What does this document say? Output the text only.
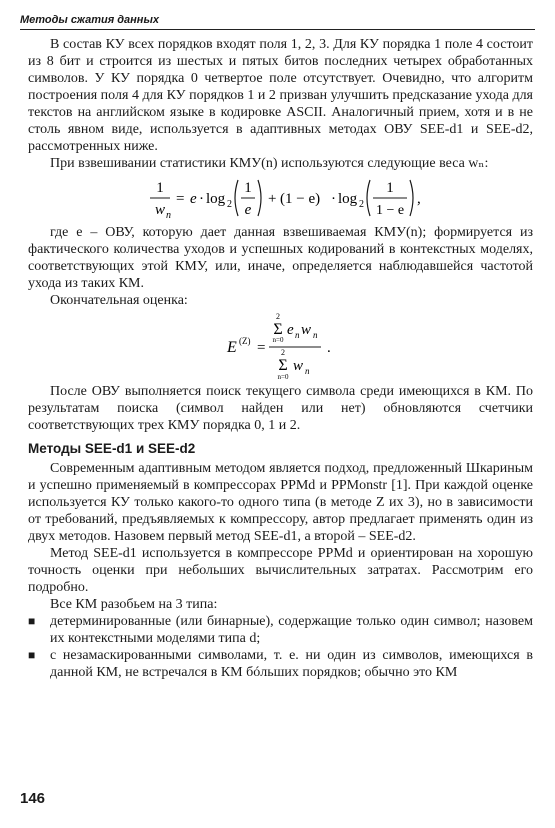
Методы сжатия данных

В состав КУ всех порядков входят поля 1, 2, 3. Для КУ порядка 1 поле 4 состоит из 8 бит и строится из шестых и пятых битов последних четырех обработанных символов. У КУ порядка 0 четвертое поле отсутствует. Очевидно, что алгоритм построения поля 4 для КУ порядков 1 и 2 призван улучшить предсказание ухода для текстов на английском языке в кодировке ASCII. Аналогичный прием, хотя и в не столь явном виде, используется в адаптивных методах ОВУ SEE-d1 и SEE-d2, рассмотренных ниже.

При взвешивании статистики КМУ(n) используются следующие веса wₙ:

1
w n
= e · log 2
1
e
+ (1 − e) · log 2
1
1 − e
,

где e – ОВУ, которую дает данная взвешиваемая КМУ(n); формируется из фактического количества уходов и успешных кодирований в контекстных моделях, соответствующих этой КМУ, или, иначе, определяется наблюдавшейся частотой ухода из таких КМ.

Окончательная оценка:

E (Z) =
2
Σ
n=0
e n w n
2
Σ
n=0
w n
.

После ОВУ выполняется поиск текущего символа среди имеющихся в КМ. По результатам поиска (символ найден или нет) обновляются счетчики соответствующих трех КМУ порядка 0, 1 и 2.

Методы SEE-d1 и SEE-d2

Современным адаптивным методом является подход, предложенный Шкариным и успешно применяемый в компрессорах PPMd и PPMonstr [1]. При каждой оценке используется КУ только какого-то одного типа (в методе Z их 3), но в зависимости от требований, предъявляемых к компрессору, автор предлагает применять один из двух методов. Назовем первый метод SEE-d1, а второй – SEE-d2.

Метод SEE-d1 используется в компрессоре PPMd и ориентирован на хорошую точность оценки при небольших вычислительных затратах. Рассмотрим его подробно.

Все КМ разобьем на 3 типа:

■ детерминированные (или бинарные), содержащие только один символ; назовем их контекстными моделями типа d;
■ с незамаскированными символами, т. е. ни один из символов, имеющихся в данной КМ, не встречался в КМ бóльших порядков; обычно это КМ
146
